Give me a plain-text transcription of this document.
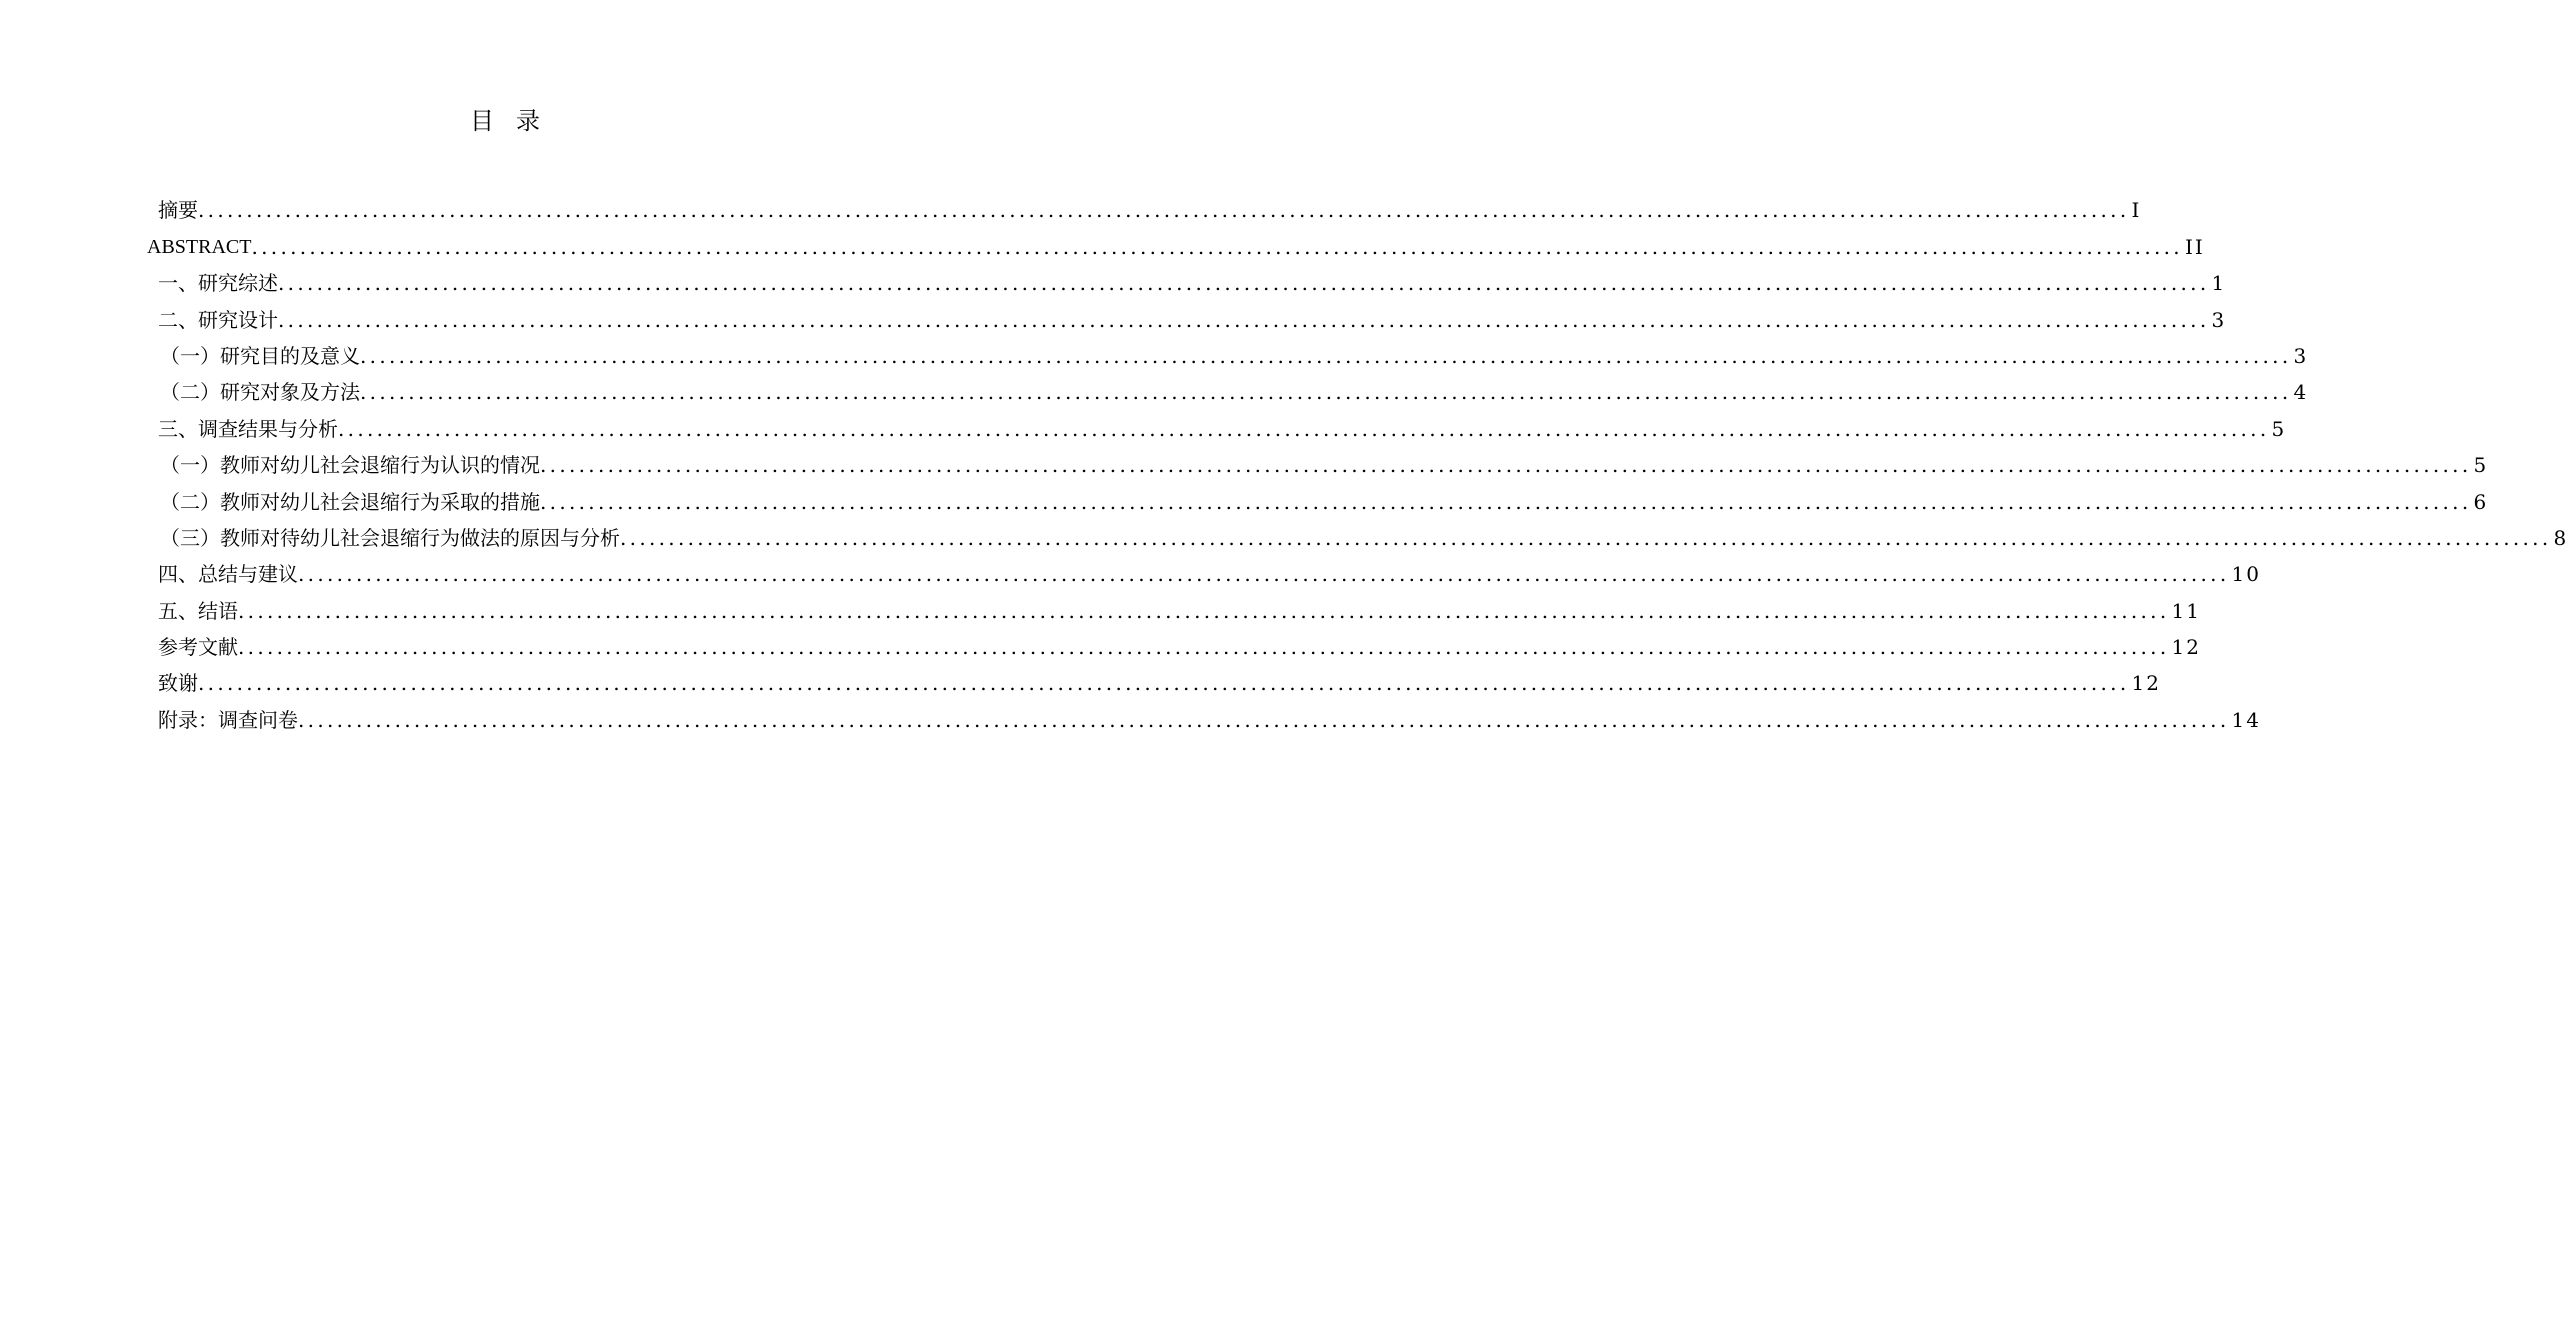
目 录
摘要 ........................................................................................................................................................................................................ I
ABSTRACT ........................................................................................................................................................................................................ II
一、研究综述 ........................................................................................................................................................................................................ 1
二、研究设计 ........................................................................................................................................................................................................ 3
（一）研究目的及意义 ........................................................................................................................................................................................................ 3
（二）研究对象及方法 ........................................................................................................................................................................................................ 4
三、调查结果与分析 ........................................................................................................................................................................................................ 5
（一）教师对幼儿社会退缩行为认识的情况 ........................................................................................................................................................................................................ 5
（二）教师对幼儿社会退缩行为采取的措施 ........................................................................................................................................................................................................ 6
（三）教师对待幼儿社会退缩行为做法的原因与分析 ........................................................................................................................................................................................................ 8
四、总结与建议 ........................................................................................................................................................................................................ 10
五、结语 ........................................................................................................................................................................................................ 11
参考文献 ........................................................................................................................................................................................................ 12
致谢 ........................................................................................................................................................................................................ 12
附录：调查问卷 ........................................................................................................................................................................................................ 14
